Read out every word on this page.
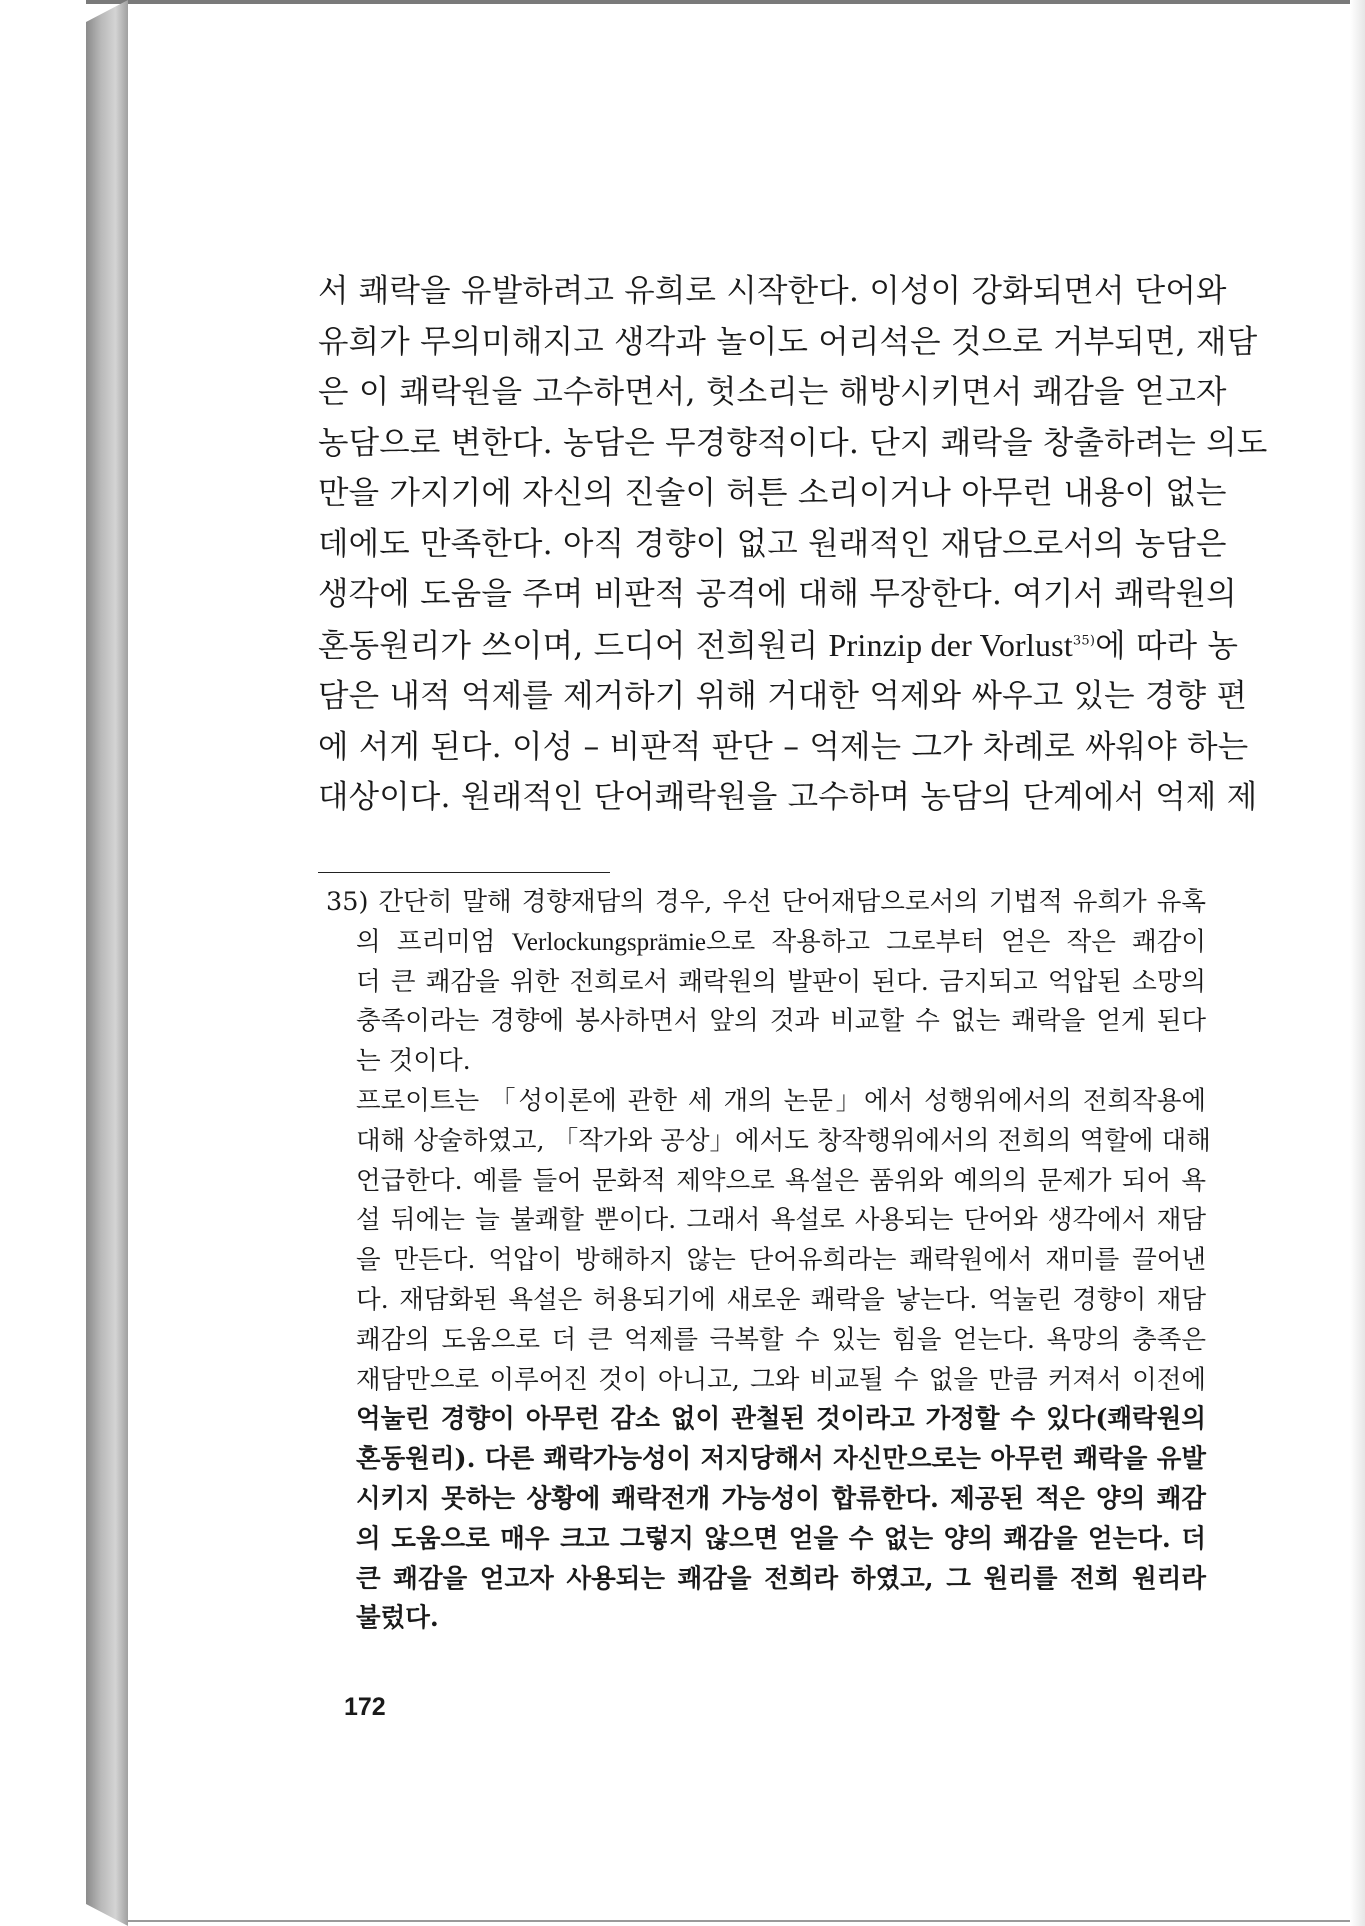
서 쾌락을 유발하려고 유희로 시작한다. 이성이 강화되면서 단어와
유희가 무의미해지고 생각과 놀이도 어리석은 것으로 거부되면, 재담
은 이 쾌락원을 고수하면서, 헛소리는 해방시키면서 쾌감을 얻고자
농담으로 변한다. 농담은 무경향적이다. 단지 쾌락을 창출하려는 의도
만을 가지기에 자신의 진술이 허튼 소리이거나 아무런 내용이 없는
데에도 만족한다. 아직 경향이 없고 원래적인 재담으로서의 농담은
생각에 도움을 주며 비판적 공격에 대해 무장한다. 여기서 쾌락원의
혼동원리가 쓰이며, 드디어 전희원리 Prinzip der Vorlust$^{35)}$에 따라 농
담은 내적 억제를 제거하기 위해 거대한 억제와 싸우고 있는 경향 편
에 서게 된다. 이성 – 비판적 판단 – 억제는 그가 차례로 싸워야 하는
대상이다. 원래적인 단어쾌락원을 고수하며 농담의 단계에서 억제 제
35) 간단히 말해 경향재담의 경우, 우선 단어재담으로서의 기법적 유희가 유혹
의 프리미엄 Verlockungsprämie으로 작용하고 그로부터 얻은 작은 쾌감이
더 큰 쾌감을 위한 전희로서 쾌락원의 발판이 된다. 금지되고 억압된 소망의
충족이라는 경향에 봉사하면서 앞의 것과 비교할 수 없는 쾌락을 얻게 된다
는 것이다.
프로이트는 「성이론에 관한 세 개의 논문」에서 성행위에서의 전희작용에
대해 상술하였고, 「작가와 공상」에서도 창작행위에서의 전희의 역할에 대해
언급한다. 예를 들어 문화적 제약으로 욕설은 품위와 예의의 문제가 되어 욕
설 뒤에는 늘 불쾌할 뿐이다. 그래서 욕설로 사용되는 단어와 생각에서 재담
을 만든다. 억압이 방해하지 않는 단어유희라는 쾌락원에서 재미를 끌어낸
다. 재담화된 욕설은 허용되기에 새로운 쾌락을 낳는다. 억눌린 경향이 재담
쾌감의 도움으로 더 큰 억제를 극복할 수 있는 힘을 얻는다. 욕망의 충족은
재담만으로 이루어진 것이 아니고, 그와 비교될 수 없을 만큼 커져서 이전에
억눌린 경향이 아무런 감소 없이 관철된 것이라고 가정할 수 있다(쾌락원의
혼동원리). 다른 쾌락가능성이 저지당해서 자신만으로는 아무런 쾌락을 유발
시키지 못하는 상황에 쾌락전개 가능성이 합류한다. 제공된 적은 양의 쾌감
의 도움으로 매우 크고 그렇지 않으면 얻을 수 없는 양의 쾌감을 얻는다. 더
큰 쾌감을 얻고자 사용되는 쾌감을 전희라 하였고, 그 원리를 전희 원리라
불렀다.
172
